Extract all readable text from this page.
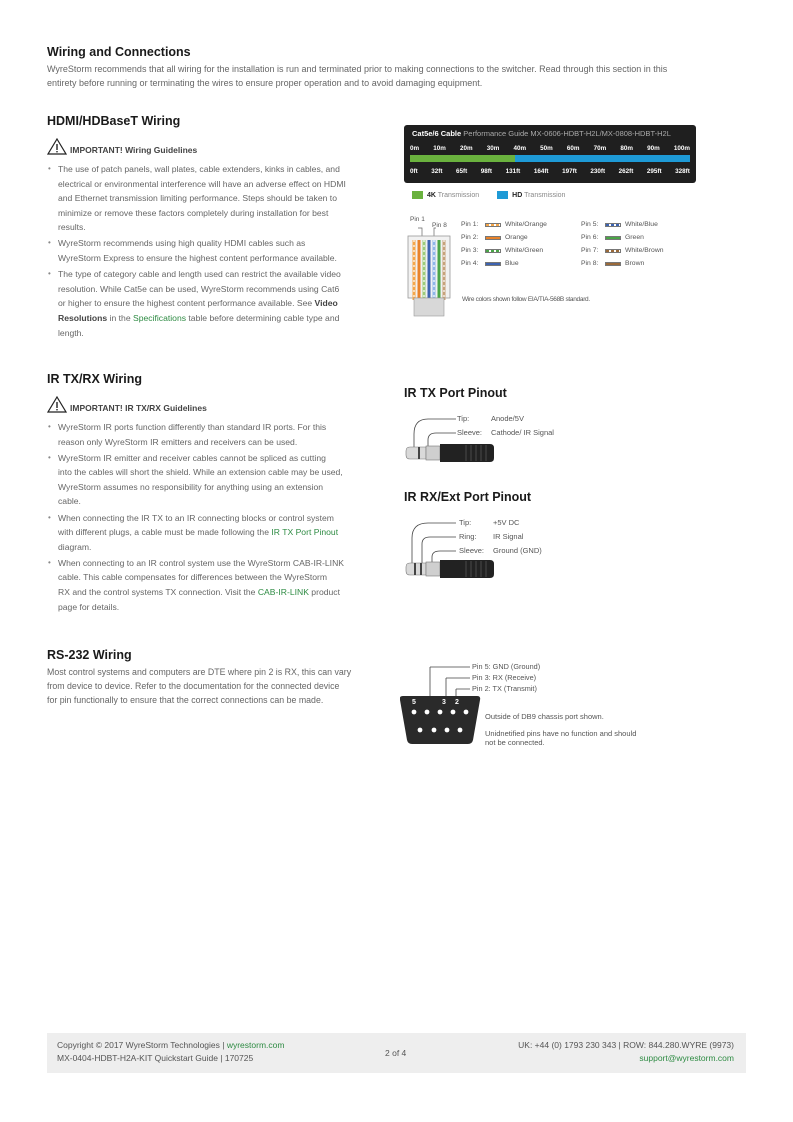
Wiring and Connections
WyreStorm recommends that all wiring for the installation is run and terminated prior to making connections to the switcher. Read through this section in this
entirety before running or terminating the wires to ensure proper operation and to avoid damaging equipment.
HDMI/HDBaseT Wiring
IMPORTANT! Wiring Guidelines
• The use of patch panels, wall plates, cable extenders, kinks in cables, and
electrical or environmental interference will have an adverse effect on HDMI
and Ethernet transmission limiting performance. Steps should be taken to
minimize or remove these factors completely during installation for best
results.
• WyreStorm recommends using high quality HDMI cables such as
WyreStorm Express to ensure the highest content performance available.
• The type of category cable and length used can restrict the available video
resolution. While Cat5e can be used, WyreStorm recommends using Cat6
or higher to ensure the highest content performance available. See Video
Resolutions in the Specifications table before determining cable type and
length.
Cat5e/6 Cable Performance Guide MX-0606-HDBT-H2L/MX-0808-HDBT-H2L
0m 10m 20m 30m 40m 50m 60m 70m 80m 90m 100m
0ft 32ft 65ft 98ft 131ft 164ft 197ft 230ft 262ft 295ft 328ft
4K Transmission	HD Transmission
Pin 1
Pin 8 Pin 1:	White/Orange
Pin 2:	Orange
Pin 3:	White/Green
Pin 4:	Blue
Pin 5:	White/Blue
Pin 6:	Green
Pin 7:	White/Brown
Pin 8:	Brown
Wire colors shown follow EIA/TIA-568B standard.
IR TX/RX Wiring
IMPORTANT! IR TX/RX Guidelines
• WyreStorm IR ports function differently than standard IR ports. For this
reason only WyreStorm IR emitters and receivers can be used.
• WyreStorm IR emitter and receiver cables cannot be spliced as cutting
into the cables will short the shield. While an extension cable may be used,
WyreStorm assumes no responsibility for anything using an extension
cable.
• When connecting the IR TX to an IR connecting blocks or control system
with different plugs, a cable must be made following the IR TX Port Pinout
diagram.
• When connecting to an IR control system use the WyreStorm CAB-IR-LINK
cable. This cable compensates for differences between the WyreStorm
RX and the control systems TX connection. Visit the CAB-IR-LINK product
page for details.
IR TX Port Pinout
Tip:	Anode/5V
Sleeve: Cathode/ IR Signal
IR RX/Ext Port Pinout
Tip:	+5V DC
Ring: IR Signal
Sleeve: Ground (GND)
RS-232 Wiring
Most control systems and computers are DTE where pin 2 is RX, this can vary
from device to device. Refer to the documentation for the connected device
for pin functionally to ensure that the correct connections can be made.	5	3 2
Pin 5: GND (Ground)
Pin 3: RX (Receive)
Pin 2: TX (Transmit)
Outside of DB9 chassis port shown.
Unidnetified pins have no function and should
not be connected.
Copyright © 2017 WyreStorm Technologies | wyrestorm.com
MX-0404-HDBT-H2A-KIT Quickstart Guide | 170725	2 of 4
UK: +44 (0) 1793 230 343 | ROW: 844.280.WYRE (9973)
support@wyrestorm.com
